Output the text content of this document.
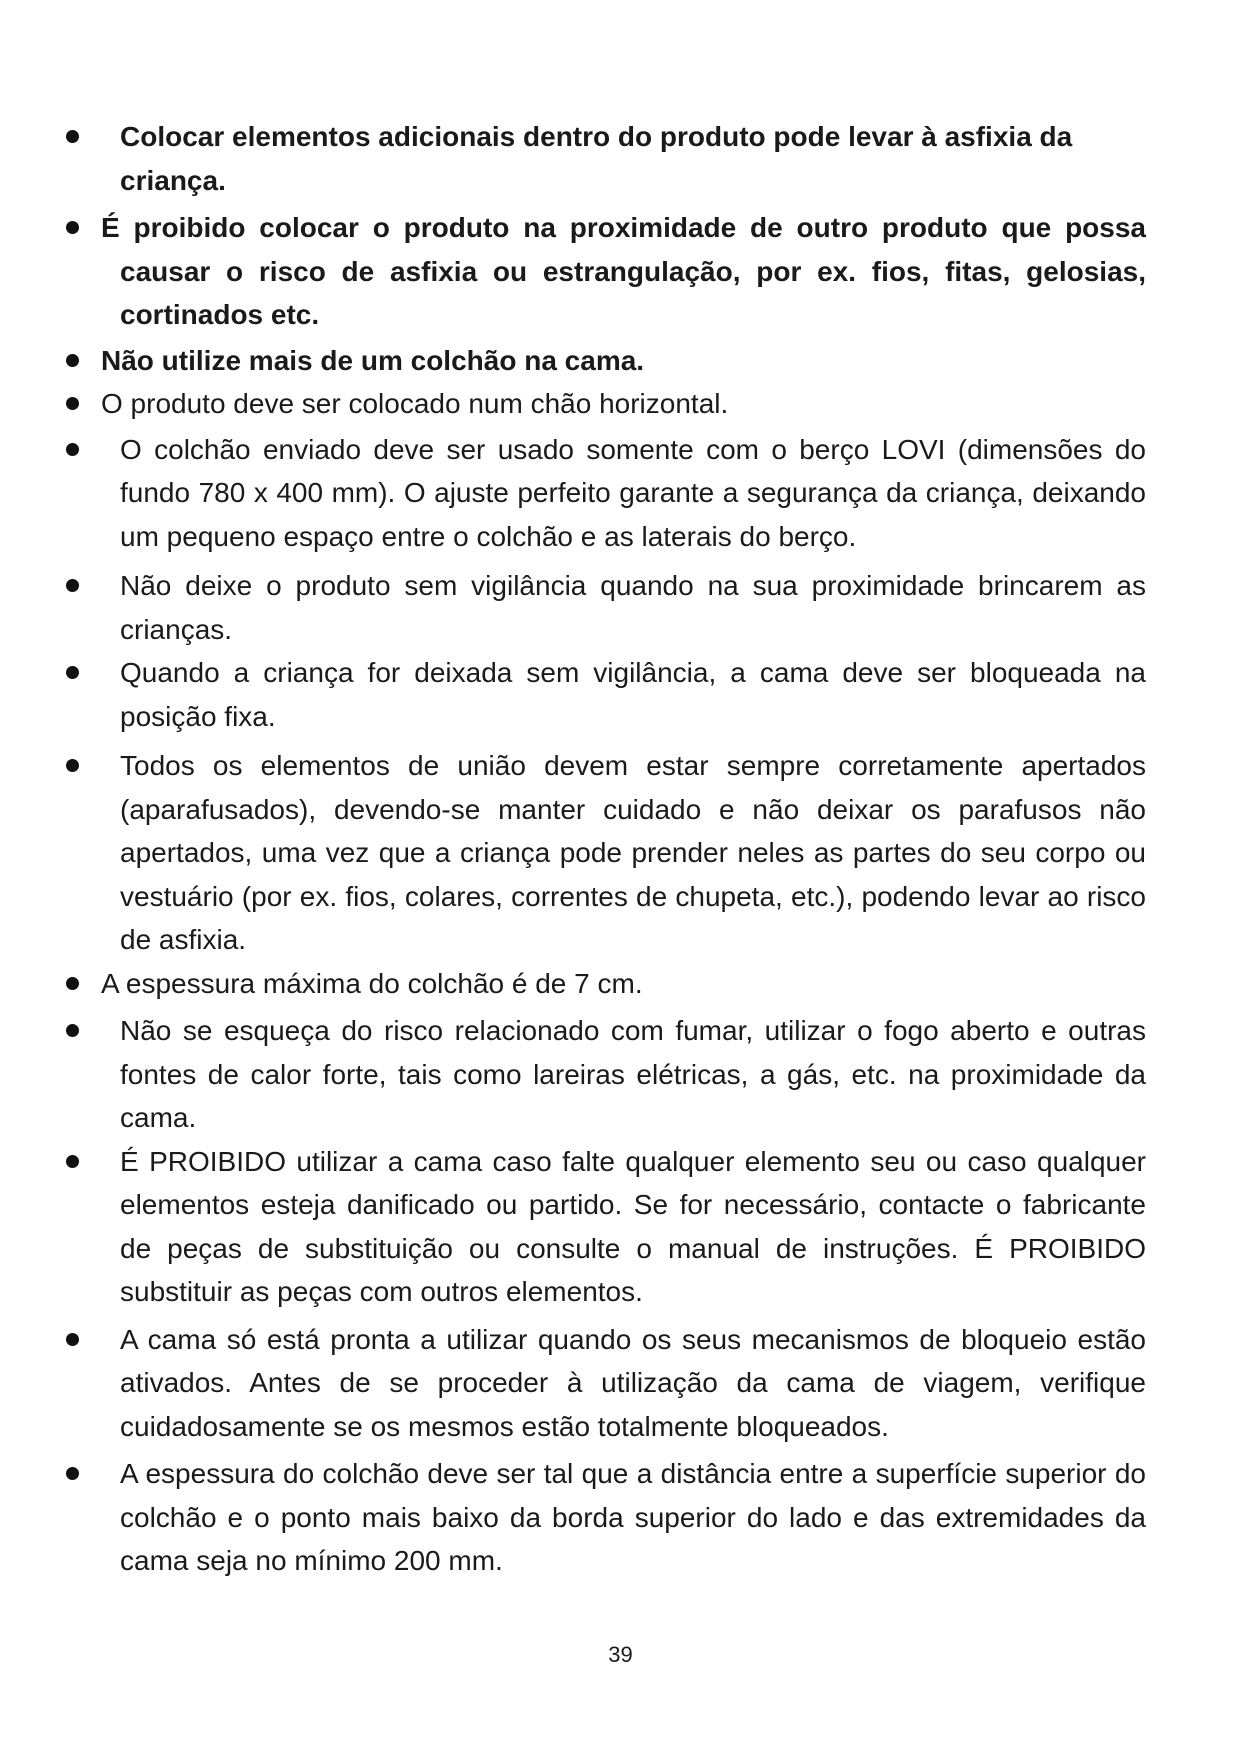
Colocar elementos adicionais dentro do produto pode levar à asfixia da criança.
É proibido colocar o produto na proximidade de outro produto que possa causar o risco de asfixia ou estrangulação, por ex. fios, fitas, gelosias, cortinados etc.
Não utilize mais de um colchão na cama.
O produto deve ser colocado num chão horizontal.
O colchão enviado deve ser usado somente com o berço LOVI (dimensões do fundo 780 x 400 mm). O ajuste perfeito garante a segurança da criança, deixando um pequeno espaço entre o colchão e as laterais do berço.
Não deixe o produto sem vigilância quando na sua proximidade brincarem as crianças.
Quando a criança for deixada sem vigilância, a cama deve ser bloqueada na posição fixa.
Todos os elementos de união devem estar sempre corretamente apertados (aparafusados), devendo-se manter cuidado e não deixar os parafusos não apertados, uma vez que a criança pode prender neles as partes do seu corpo ou vestuário (por ex. fios, colares, correntes de chupeta, etc.), podendo levar ao risco de asfixia.
A espessura máxima do colchão é de 7 cm.
Não se esqueça do risco relacionado com fumar, utilizar o fogo aberto e outras fontes de calor forte, tais como lareiras elétricas, a gás, etc. na proximidade da cama.
É PROIBIDO utilizar a cama caso falte qualquer elemento seu ou caso qualquer elementos esteja danificado ou partido. Se for necessário, contacte o fabricante de peças de substituição ou consulte o manual de instruções. É PROIBIDO substituir as peças com outros elementos.
A cama só está pronta a utilizar quando os seus mecanismos de bloqueio estão ativados. Antes de se proceder à utilização da cama de viagem, verifique cuidadosamente se os mesmos estão totalmente bloqueados.
A espessura do colchão deve ser tal que a distância entre a superfície superior do colchão e o ponto mais baixo da borda superior do lado e das extremidades da cama seja no mínimo 200 mm.
39
